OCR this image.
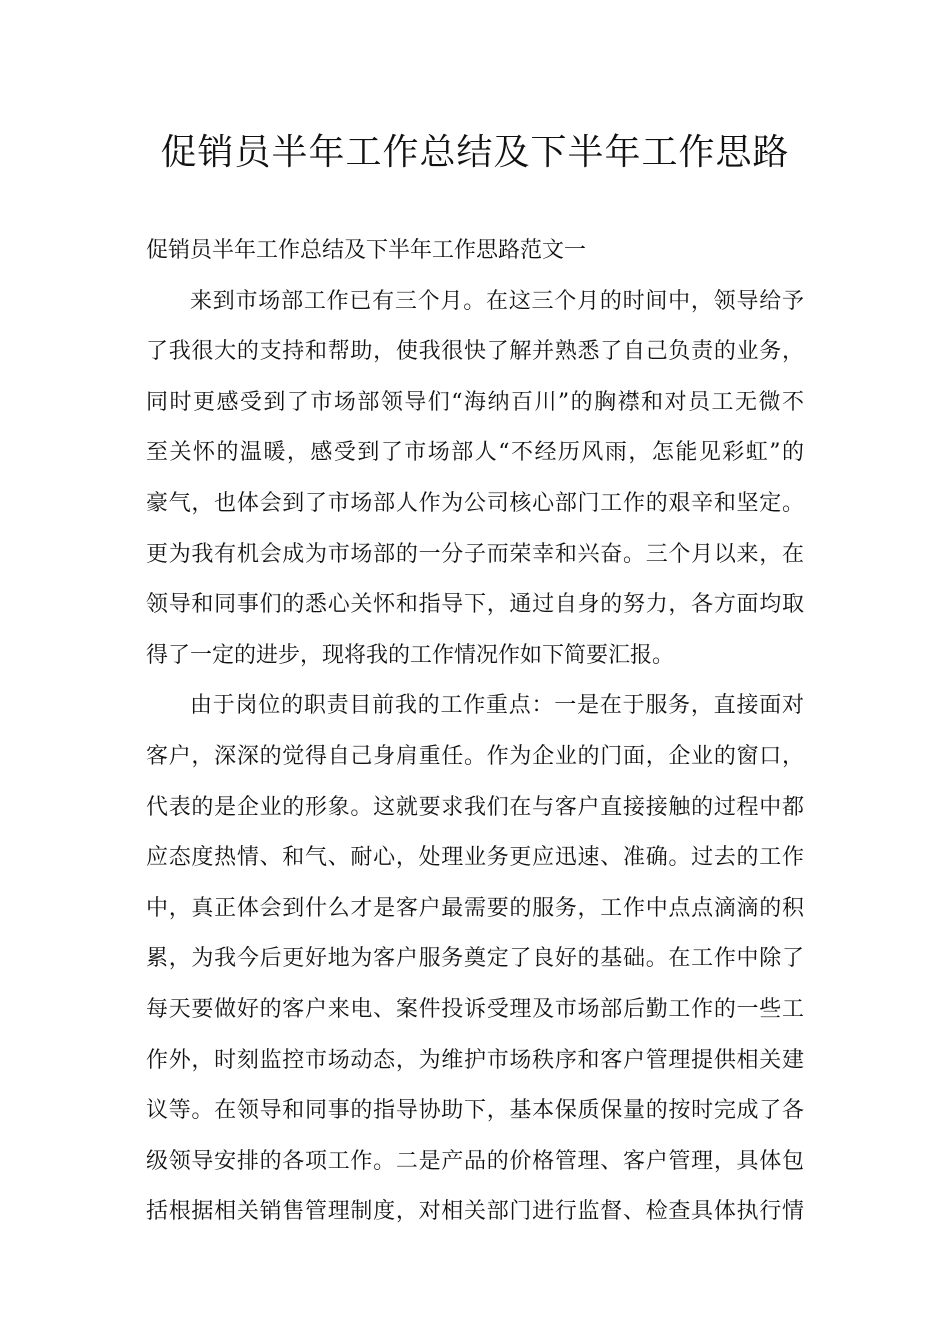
促销员半年工作总结及下半年工作思路
促销员半年工作总结及下半年工作思路范文一
来到市场部工作已有三个月。在这三个月的时间中，领导给予
了我很大的支持和帮助，使我很快了解并熟悉了自己负责的业务，
同时更感受到了市场部领导们“海纳百川”的胸襟和对员工无微不
至关怀的温暖，感受到了市场部人“不经历风雨，怎能见彩虹”的
豪气，也体会到了市场部人作为公司核心部门工作的艰辛和坚定。
更为我有机会成为市场部的一分子而荣幸和兴奋。三个月以来，在
领导和同事们的悉心关怀和指导下，通过自身的努力，各方面均取
得了一定的进步，现将我的工作情况作如下简要汇报。
由于岗位的职责目前我的工作重点：一是在于服务，直接面对
客户，深深的觉得自己身肩重任。作为企业的门面，企业的窗口，
代表的是企业的形象。这就要求我们在与客户直接接触的过程中都
应态度热情、和气、耐心，处理业务更应迅速、准确。过去的工作
中，真正体会到什么才是客户最需要的服务，工作中点点滴滴的积
累，为我今后更好地为客户服务奠定了良好的基础。在工作中除了
每天要做好的客户来电、案件投诉受理及市场部后勤工作的一些工
作外，时刻监控市场动态，为维护市场秩序和客户管理提供相关建
议等。在领导和同事的指导协助下，基本保质保量的按时完成了各
级领导安排的各项工作。二是产品的价格管理、客户管理，具体包
括根据相关销售管理制度，对相关部门进行监督、检查具体执行情
